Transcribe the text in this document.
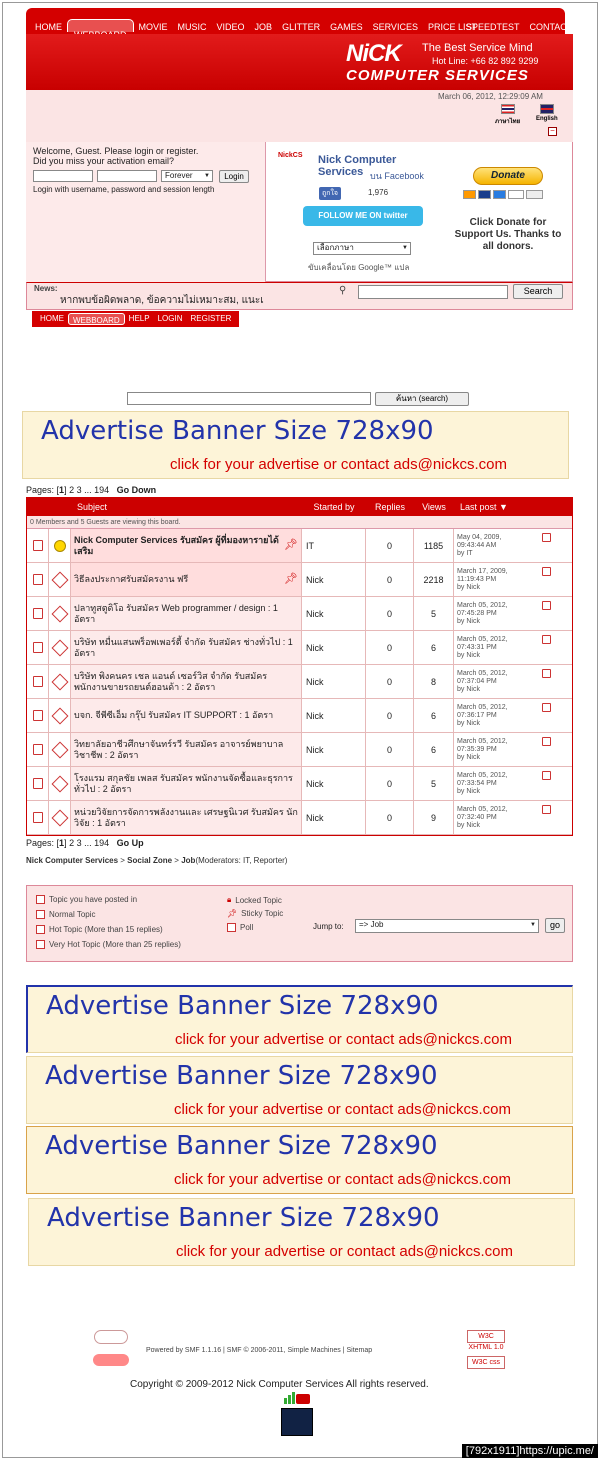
HOME	MOVIE	MUSIC	VIDEO	JOB	GLITTER	GAMES	SERVICES	PRICE LIST
SPEEDTEST	CONTACT
NiCK The Best Service Mind
Hot Line: +66 82 892 9299
COMPUTER SERVICES
March 06, 2012, 12:29:09 AM
ภาษาไทย	English
−
Welcome, Guest. Please login or register.
Did you miss your activation email?
Forever ▼	Login
Login with username, password and session length
NickCS Nick Computer
Services บน Facebook
ถูกใจ	1,976
FOLLOW ME ON twitter
เลือกภาษา	▼
ขับเคลื่อนโดย Google™ แปล
Donate
Click Donate for Support Us. Thanks to all donors.
News:
หากพบข้อผิดพลาด, ข้อความไม่เหมาะสม, แนะเ
⚲	Search
HOME	WEBBOARD	HELP	LOGIN	REGISTER
ค้นหา (search)
Advertise Banner Size 728x90
click for your advertise or contact ads@nickcs.com
Pages: [1] 2 3 ... 194 Go Down
Subject	Started by	Replies	Views	Last post ▼
0 Members and 5 Guests are viewing this board.
Nick Computer Services รับสมัคร ผู้ที่มองหารายได้เสริม	📌︎ IT	0	1185
May 04, 2009,
09:43:44 AM
by IT
วิธีลงประกาศรับสมัครงาน ฟรี	📌︎ Nick	0	2218
March 17, 2009,
11:19:43 PM
by Nick
ปลาทูสตูดิโอ รับสมัคร Web programmer / design : 1 อัตรา	Nick	0	5
March 05, 2012,
07:45:28 PM
by Nick
บริษัท หมื่นแสนพร็อพเพอร์ตี้ จำกัด รับสมัคร ช่างทั่วไป : 1 อัตรา	Nick	0	6
March 05, 2012,
07:43:31 PM
by Nick
บริษัท พิงคนคร เชล แอนด์ เซอร์วิส จำกัด รับสมัคร พนักงานขายรถยนต์ฮอนด้า : 2 อัตรา	Nick	0	8
March 05, 2012,
07:37:04 PM
by Nick
บจก. จีพีซีเอ็ม กรุ๊ป รับสมัคร IT SUPPORT : 1 อัตรา	Nick	0	6
March 05, 2012,
07:36:17 PM
by Nick
วิทยาลัยอาชีวศึกษาจันทร์รวี รับสมัคร อาจารย์พยาบาลวิชาชีพ : 2 อัตรา	Nick	0	6
March 05, 2012,
07:35:39 PM
by Nick
โรงแรม สกุลชัย เพลส รับสมัคร พนักงานจัดซื้อและธุรการทั่วไป : 2 อัตรา	Nick	0	5
March 05, 2012,
07:33:54 PM
by Nick
หน่วยวิจัยการจัดการพลังงานและ เศรษฐนิเวศ รับสมัคร นักวิจัย : 1 อัตรา	Nick	0	9
March 05, 2012,
07:32:40 PM
by Nick
Pages: [1] 2 3 ... 194 Go Up
Nick Computer Services > Social Zone > Job(Moderators: IT, Reporter)
Topic you have posted in
Normal Topic
Hot Topic (More than 15 replies)
Very Hot Topic (More than 25 replies)
🔒︎ Locked Topic
📌︎ Sticky Topic
Poll	Jump to:	=> Job	▼	go
Advertise Banner Size 728x90
click for your advertise or contact ads@nickcs.com
Advertise Banner Size 728x90
click for your advertise or contact ads@nickcs.com
Advertise Banner Size 728x90
click for your advertise or contact ads@nickcs.com
Advertise Banner Size 728x90
click for your advertise or contact ads@nickcs.com
Powered by SMF 1.1.16 | SMF © 2006-2011, Simple Machines | Sitemap
W3C XHTML 1.0
W3C css
Copyright © 2009-2012 Nick Computer Services All rights reserved.
[792x1911]https://upic.me/
